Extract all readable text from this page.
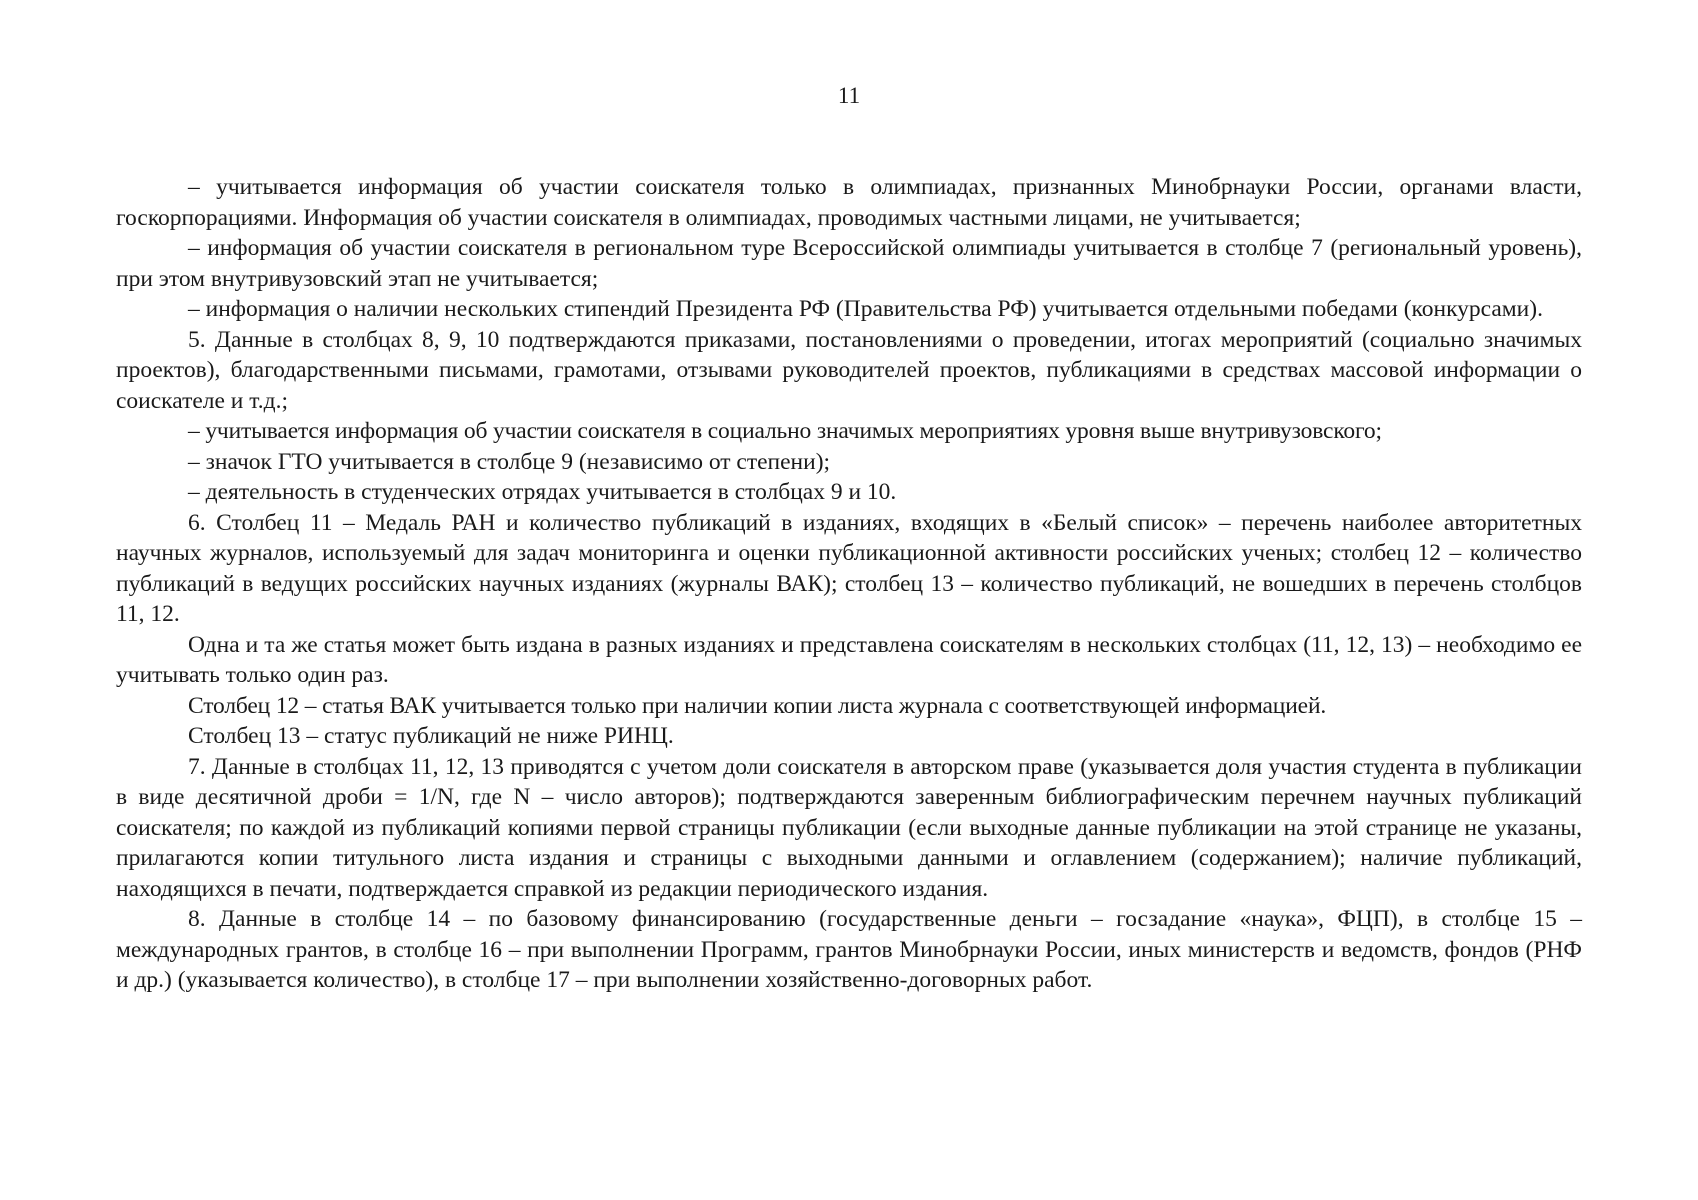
11

– учитывается информация об участии соискателя только в олимпиадах, признанных Минобрнауки России, органами власти, госкорпорациями. Информация об участии соискателя в олимпиадах, проводимых частными лицами, не учитывается;

– информация об участии соискателя в региональном туре Всероссийской олимпиады учитывается в столбце 7 (региональный уровень), при этом внутривузовский этап не учитывается;

– информация о наличии нескольких стипендий Президента РФ (Правительства РФ) учитывается отдельными победами (конкурсами).

5. Данные в столбцах 8, 9, 10 подтверждаются приказами, постановлениями о проведении, итогах мероприятий (социально значимых проектов), благодарственными письмами, грамотами, отзывами руководителей проектов, публикациями в средствах массовой информации о соискателе и т.д.;

– учитывается информация об участии соискателя в социально значимых мероприятиях уровня выше внутривузовского;

– значок ГТО учитывается в столбце 9 (независимо от степени);

– деятельность в студенческих отрядах учитывается в столбцах 9 и 10.

6. Столбец 11 – Медаль РАН и количество публикаций в изданиях, входящих в «Белый список» – перечень наиболее авторитетных научных журналов, используемый для задач мониторинга и оценки публикационной активности российских ученых; столбец 12 – количество публикаций в ведущих российских научных изданиях (журналы ВАК); столбец 13 – количество публикаций, не вошедших в перечень столбцов 11, 12.

Одна и та же статья может быть издана в разных изданиях и представлена соискателям в нескольких столбцах (11, 12, 13) – необходимо ее учитывать только один раз.

Столбец 12 – статья ВАК учитывается только при наличии копии листа журнала с соответствующей информацией.

Столбец 13 – статус публикаций не ниже РИНЦ.

7. Данные в столбцах 11, 12, 13 приводятся с учетом доли соискателя в авторском праве (указывается доля участия студента в публикации в виде десятичной дроби = 1/N, где N – число авторов); подтверждаются заверенным библиографическим перечнем научных публикаций соискателя; по каждой из публикаций копиями первой страницы публикации (если выходные данные публикации на этой странице не указаны, прилагаются копии титульного листа издания и страницы с выходными данными и оглавлением (содержанием); наличие публикаций, находящихся в печати, подтверждается справкой из редакции периодического издания.

8. Данные в столбце 14 – по базовому финансированию (государственные деньги – госзадание «наука», ФЦП), в столбце 15 – международных грантов, в столбце 16 – при выполнении Программ, грантов Минобрнауки России, иных министерств и ведомств, фондов (РНФ и др.) (указывается количество), в столбце 17 – при выполнении хозяйственно-договорных работ.
